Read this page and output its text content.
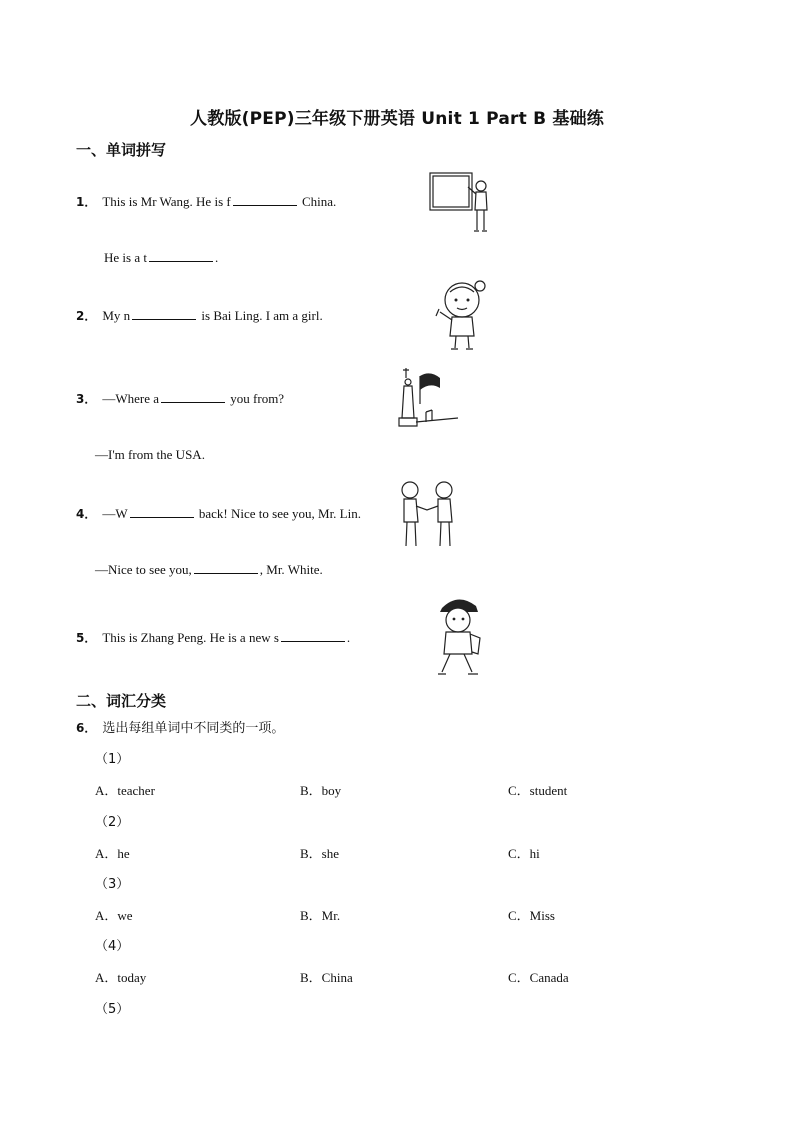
人教版(PEP)三年级下册英语 Unit 1 Part B 基础练
一、单词拼写
1． This is Mr Wang. He is f	China.
He is a t	.
2． My n	is Bai Ling. I am a girl.
3． —Where a	you from?
—I'm from the USA.
4． —W	back! Nice to see you, Mr. Lin.
—Nice to see you,	, Mr. White.
5． This is Zhang Peng. He is a new s	.
二、词汇分类
6． 选出每组单词中不同类的一项。
（1）
A．teacher	B．boy	C．student
（2）
A．he	B．she	C．hi
（3）
A．we	B．Mr.	C．Miss
（4）
A．today	B．China	C．Canada
（5）
